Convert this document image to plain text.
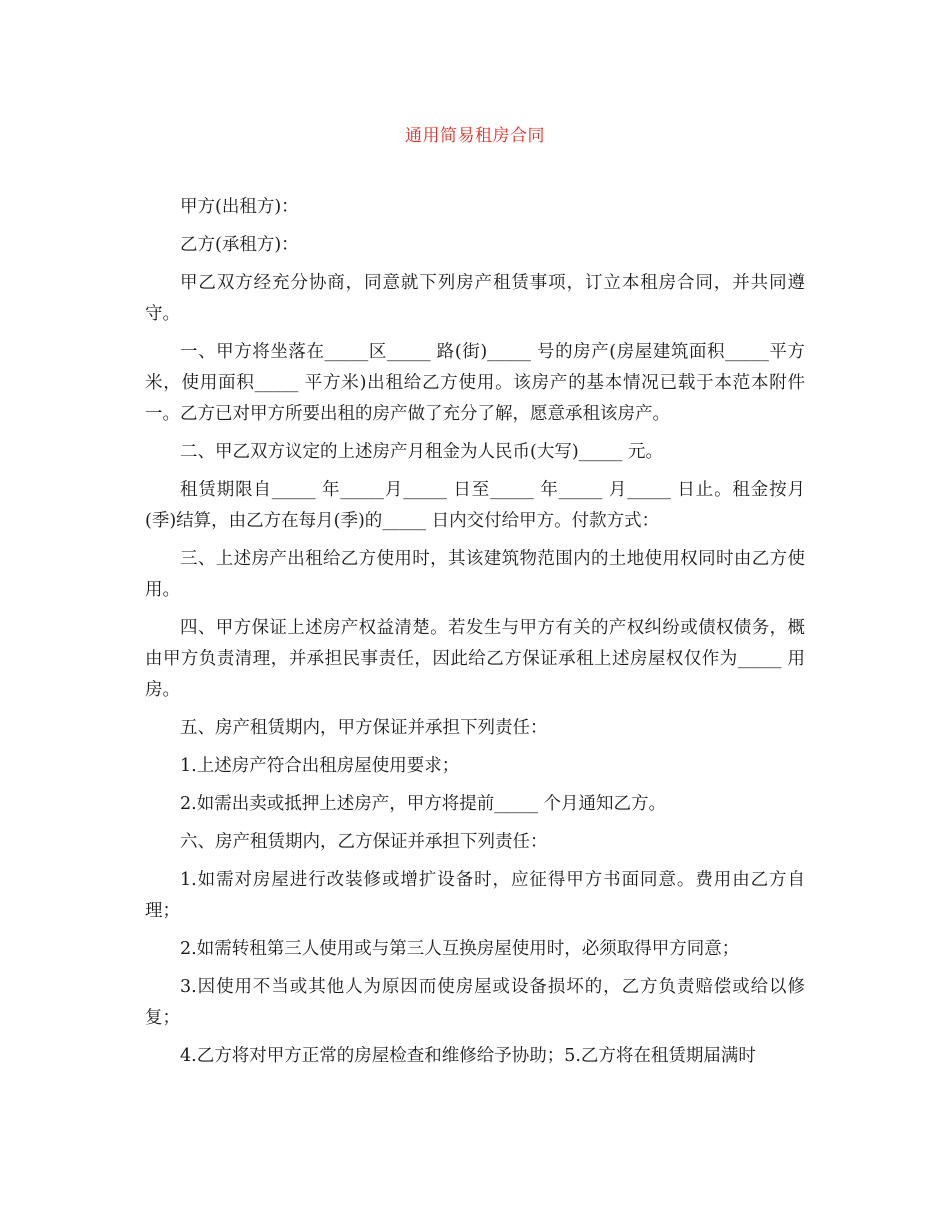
通用简易租房合同

甲方(出租方)：

乙方(承租方)：

甲乙双方经充分协商，同意就下列房产租赁事项，订立本租房合同，并共同遵守。

一、甲方将坐落在_____区_____ 路(街)_____ 号的房产(房屋建筑面积_____平方米，使用面积_____ 平方米)出租给乙方使用。该房产的基本情况已载于本范本附件一。乙方已对甲方所要出租的房产做了充分了解，愿意承租该房产。

二、甲乙双方议定的上述房产月租金为人民币(大写)_____ 元。

租赁期限自_____ 年_____月_____ 日至_____ 年_____ 月_____ 日止。租金按月(季)结算，由乙方在每月(季)的_____ 日内交付给甲方。付款方式：

三、上述房产出租给乙方使用时，其该建筑物范围内的土地使用权同时由乙方使用。

四、甲方保证上述房产权益清楚。若发生与甲方有关的产权纠纷或债权债务，概由甲方负责清理，并承担民事责任，因此给乙方保证承租上述房屋权仅作为_____ 用房。

五、房产租赁期内，甲方保证并承担下列责任：

1.上述房产符合出租房屋使用要求；

2.如需出卖或抵押上述房产，甲方将提前_____ 个月通知乙方。

六、房产租赁期内，乙方保证并承担下列责任：

1.如需对房屋进行改装修或增扩设备时，应征得甲方书面同意。费用由乙方自理；

2.如需转租第三人使用或与第三人互换房屋使用时，必须取得甲方同意；

3.因使用不当或其他人为原因而使房屋或设备损坏的，乙方负责赔偿或给以修复；

4.乙方将对甲方正常的房屋检查和维修给予协助；5.乙方将在租赁期届满时
